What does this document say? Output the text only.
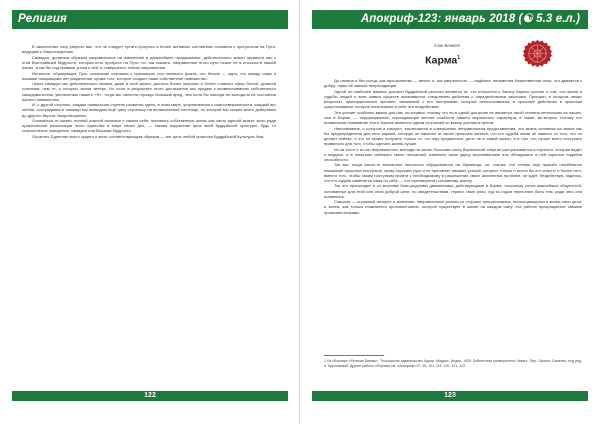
Религия

В заключение хочу уверить вас, что не следует путать прогресс в более активных состояниях сознания с прогрессом на Пути, ведущем к Умиротворению.

Самадхи, должным образом направленное на изменение и дальнейшее продвижение, действительно может привести нас к этой Высочайшей Мудрости, которая есть прогресс на Пути; но, так сказать, направление этого пути лежит не в плоскости нашей жизни, а как бы под прямым углом к ней; в совершенно новом направлении.

Истинное, образующее Путь осознание сознания к признанию того великого факта, что Жизнь — одно; что между нами и нашими товарищами нет разделения, кроме того, которое создает наше собственное невежество.

Через самадхи мы действительно можем, даже в этой жизни, достичь более широких и более славных сфер бытия, уровней сознания, чем те, о которых знали теперь. Но если в результате этого достижения мы придем к возвеличиванию собственного самодовольства, увеличению нашего «Я», тогда мы нанесли гораздо больший вред, чем если бы никогда не выходили из состояния нашего невежества.

И, с другой стороны, каждая наивысшая ступень развития здесь, в этом мире, устремленная к самоотверженности; каждый акт любви, сострадания и помощи мы возводим ещё одну ступеньку на великолепной лестнице, по которой мы скорее всего доберемся до другого берега Умиротворения.

Отказаться от жизни, полной ложной иллюзии о самом себе; понимать собственную жизнь как часть единой жизни; жить ради практической реализации этого единства в мире своих дел, — такова подлинная цель всей буддийской культуры, будь то сознательное поведение, самадхи или Высшая Мудрость.

Осознать Единство всего сущего и жить соответствующим образом — вот цель любой практики Буддийской Культуры Ума.

122
Апокриф-123: январь 2018 (☯ 5.3 е.л.)
Алан Беннет
Карма$^1$

До начала и без конца, как пространство — вечна, и, как уверенность — надёжна, неизменна божественная сила, что движется к добру; лишь её законы непреходящие.

Одной из наиболее важных доктрин буддийской религии является та, что относится к Закону Кармы; учение о том, что жизни и судьбы людей и всех живых существ оказываются следствием действия с определёнными законами. Принцип, в котором лежит результат, пропорционален причине, связанный с его поступками, которые использовались в прошлых действиях в прошлом существовании, которое испытывает в себе эти воздействия.

Эта учение особенно важно для нас, во-первых, потому что ни в одной доктрине не является такой степени непохожим на наших, чем в Бирме, — недоразумение, порождающее многие слабости нашего морального характера; а также, во-вторых, потому что правильное понимание этого Закона является одним из ключей ко всему учению в целом.

Непонимание, о котором я говорил, заключается в совершенно неправильном представлении, что жизнь человека на земле как бы предопределена для него кармой, которую он накопил от своих прошлых жизней; что его судьба никак не зависит от того, что он делает сейчас, и что он может получить только то, что ему предписано, дело не в самой жизни, а в том, что лучше всего поступать правильно для того, чтобы сделать жизнь лучше.

Из-за этого и из-за неправильного взгляда на жизнь большая часть бирманской энергии растрачивается в глупости, которая ведёт к неудаче, а в попытках избежать своих несчастий, изменить свою удачу жертвованием или обнаружить в ней скрытые подобия способности.

Так вот, когда какое-то внезапное несчастье обрушивается на бирманца, он, считая, что теперь ему пришёл неизбежное наказание прошлых поступков, сразу опускает руки и не прилагает никаких усилий, которые только и могли бы его спасти; и более того, вместо того, чтобы своим поступком прийти к необходимому в разрешении своих жизненных проблем, он ждёт, бездействуя, надеясь, что его судьба изменится сама по себе — что противоречит основному закону.

Так это происходит и со многими благородными движениями, действующими в Бирме, поскольку сотни важнейших общностей, основанных для этой или иной доброй цели, по свидетельствам, теряют свою роль, год за годом перестают быть тем, ради чего они появились.

Сначала — огромный интерес и волнение: направленные усилия со стороны прогрессивных, воплощающихся в жизнь свои цели; а затем, как только появляется противостояние, которое существует в жизни на каждом шагу, эта работа прекращается самими провозвестниками.

1 Из сборника «Религия Бирмы». Теософское издательство Адьяр, Мадрас, Индия, 1929. Библиотека университета Чикаго. Пер. Оксаны Саменко, под ред. К. Кругляковой. Другие работы сборника см. «Апокриф» 97, 98, 101, 118, 120, 121, 122.
123
